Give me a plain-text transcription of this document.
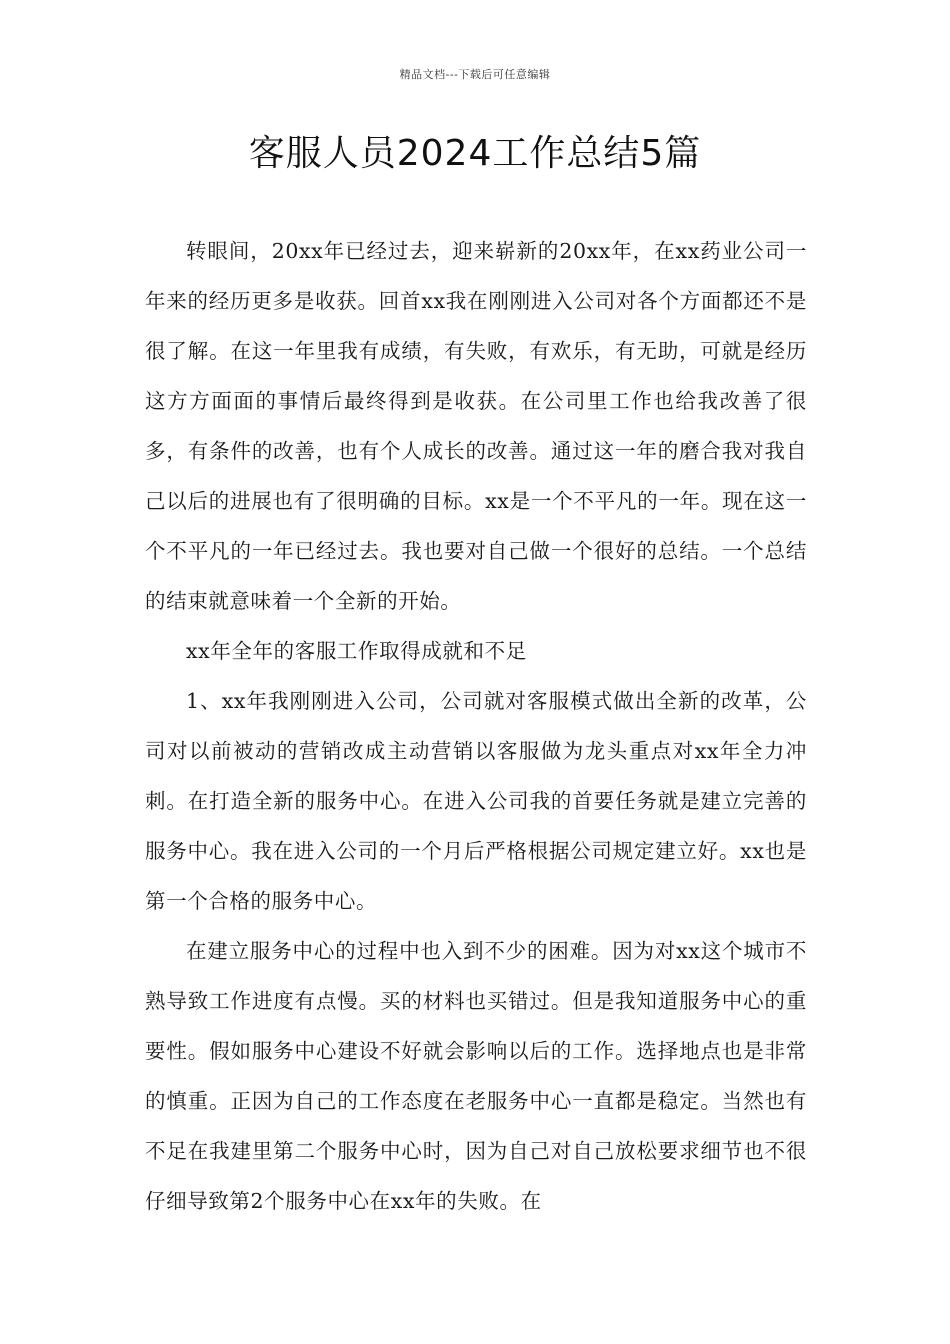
精品文档---下载后可任意编辑
客服人员2024工作总结5篇

转眼间，20xx年已经过去，迎来崭新的20xx年，在xx药业公司一年来的经历更多是收获。回首xx我在刚刚进入公司对各个方面都还不是很了解。在这一年里我有成绩，有失败，有欢乐，有无助，可就是经历这方方面面的事情后最终得到是收获。在公司里工作也给我改善了很多，有条件的改善，也有个人成长的改善。通过这一年的磨合我对我自己以后的进展也有了很明确的目标。xx是一个不平凡的一年。现在这一个不平凡的一年已经过去。我也要对自己做一个很好的总结。一个总结的结束就意味着一个全新的开始。

xx年全年的客服工作取得成就和不足

1、xx年我刚刚进入公司，公司就对客服模式做出全新的改革，公司对以前被动的营销改成主动营销以客服做为龙头重点对xx年全力冲刺。在打造全新的服务中心。在进入公司我的首要任务就是建立完善的服务中心。我在进入公司的一个月后严格根据公司规定建立好。xx也是第一个合格的服务中心。

在建立服务中心的过程中也入到不少的困难。因为对xx这个城市不熟导致工作进度有点慢。买的材料也买错过。但是我知道服务中心的重要性。假如服务中心建设不好就会影响以后的工作。选择地点也是非常的慎重。正因为自己的工作态度在老服务中心一直都是稳定。当然也有不足在我建里第二个服务中心时，因为自己对自己放松要求细节也不很仔细导致第2个服务中心在xx年的失败。在
